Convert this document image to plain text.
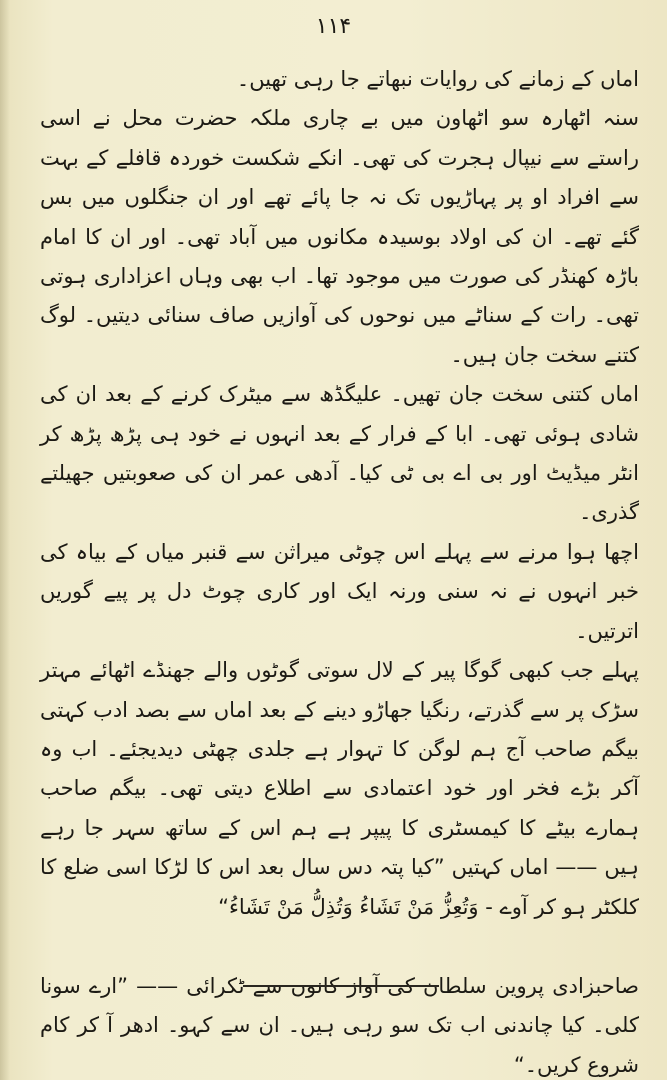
۱۱۴

اماں کے زمانے کی روایات نبھاتے جا رہی تھیں۔

سنہ اٹھارہ سو اٹھاون میں بے چاری ملکہ حضرت محل نے اسی راستے سے نیپال ہجرت کی تھی۔ انکے شکست خوردہ قافلے کے بہت سے افراد او پر پہاڑیوں تک نہ جا پائے تھے اور ان جنگلوں میں بس گئے تھے۔ ان کی اولاد بوسیدہ مکانوں میں آباد تھی۔ اور ان کا امام باڑہ کھنڈر کی صورت میں موجود تھا۔ اب بھی وہاں اعزاداری ہوتی تھی۔ رات کے سناٹے میں نوحوں کی آوازیں صاف سنائی دیتیں۔ لوگ کتنے سخت جان ہیں۔

اماں کتنی سخت جان تھیں۔ علیگڈھ سے میٹرک کرنے کے بعد ان کی شادی ہوئی تھی۔ ابا کے فرار کے بعد انہوں نے خود ہی پڑھ پڑھ کر انٹر میڈیٹ اور بی اے بی ٹی کیا۔ آدھی عمر ان کی صعوبتیں جھیلتے گذری۔

اچھا ہوا مرنے سے پہلے اس چوٹی میراثن سے قنبر میاں کے بیاہ کی خبر انہوں نے نہ سنی ورنہ ایک اور کاری چوٹ دل پر پیے گوریں اترتیں۔

پہلے جب کبھی گوگا پیر کے لال سوتی گوٹوں والے جھنڈے اٹھائے مہتر سڑک پر سے گذرتے، رنگیا جھاڑو دینے کے بعد اماں سے بصد ادب کہتی بیگم صاحب آج ہم لوگن کا تہوار ہے جلدی چھٹی دیدیجئے۔ اب وہ آکر بڑے فخر اور خود اعتمادی سے اطلاع دیتی تھی۔ بیگم صاحب ہمارے بیٹے کا کیمسٹری کا پیپر ہے ہم اس کے ساتھ سہر جا رہے ہیں —— اماں کہتیں ”کیا پتہ دس سال بعد اس کا لڑکا اسی ضلع کا کلکٹر ہو کر آوے - وَتُعِزُّ مَنْ تَشَاءُ وَتُذِلُّ مَنْ تَشَاءُ“

صاحبزادی پروین سلطان کی آواز کانوں سے ٹکرائی —— ”ارے سونا کلی۔ کیا چاندنی اب تک سو رہی ہیں۔ ان سے کہو۔ ادھر آ کر کام شروع کریں۔“
